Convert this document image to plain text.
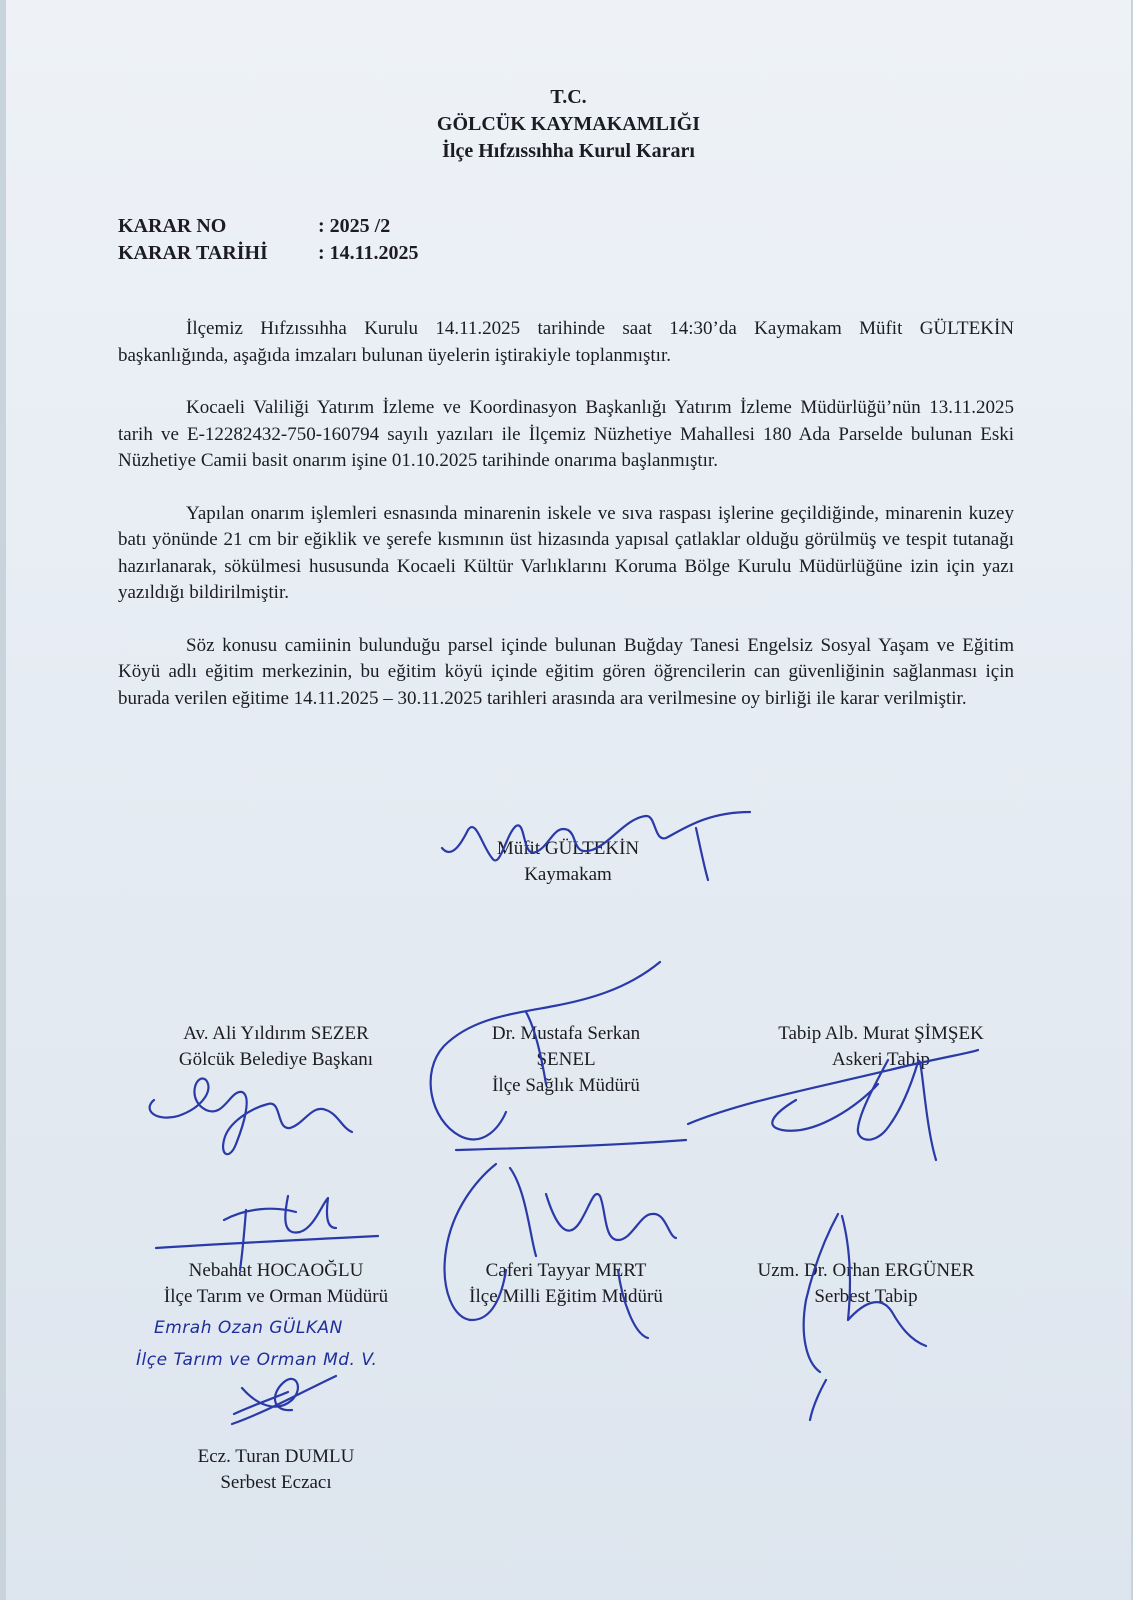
T.C.
GÖLCÜK KAYMAKAMLIĞI
İlçe Hıfzıssıhha Kurul Kararı
KARAR NO	: 2025 /2
KARAR TARİHİ	: 14.11.2025

İlçemiz Hıfzıssıhha Kurulu 14.11.2025 tarihinde saat 14:30’da Kaymakam Müfit GÜLTEKİN başkanlığında, aşağıda imzaları bulunan üyelerin iştirakiyle toplanmıştır.

Kocaeli Valiliği Yatırım İzleme ve Koordinasyon Başkanlığı Yatırım İzleme Müdürlüğü’nün 13.11.2025 tarih ve E-12282432-750-160794 sayılı yazıları ile İlçemiz Nüzhetiye Mahallesi 180 Ada Parselde bulunan Eski Nüzhetiye Camii basit onarım işine 01.10.2025 tarihinde onarıma başlanmıştır.

Yapılan onarım işlemleri esnasında minarenin iskele ve sıva raspası işlerine geçildiğinde, minarenin kuzey batı yönünde 21 cm bir eğiklik ve şerefe kısmının üst hizasında yapısal çatlaklar olduğu görülmüş ve tespit tutanağı hazırlanarak, sökülmesi hususunda Kocaeli Kültür Varlıklarını Koruma Bölge Kurulu Müdürlüğüne izin için yazı yazıldığı bildirilmiştir.

Söz konusu camiinin bulunduğu parsel içinde bulunan Buğday Tanesi Engelsiz Sosyal Yaşam ve Eğitim Köyü adlı eğitim merkezinin, bu eğitim köyü içinde eğitim gören öğrencilerin can güvenliğinin sağlanması için burada verilen eğitime 14.11.2025 – 30.11.2025 tarihleri arasında ara verilmesine oy birliği ile karar verilmiştir.

Müfit GÜLTEKİN
Kaymakam
Av. Ali Yıldırım SEZER
Gölcük Belediye Başkanı
Dr. Mustafa Serkan
ŞENEL
İlçe Sağlık Müdürü
Tabip Alb. Murat ŞİMŞEK
Askeri Tabip
Nebahat HOCAOĞLU
İlçe Tarım ve Orman Müdürü
Caferi Tayyar MERT
İlçe Milli Eğitim Müdürü
Uzm. Dr. Orhan ERGÜNER
Serbest Tabip
Emrah Ozan GÜLKAN
İlçe Tarım ve Orman Md. V.
Ecz. Turan DUMLU
Serbest Eczacı
